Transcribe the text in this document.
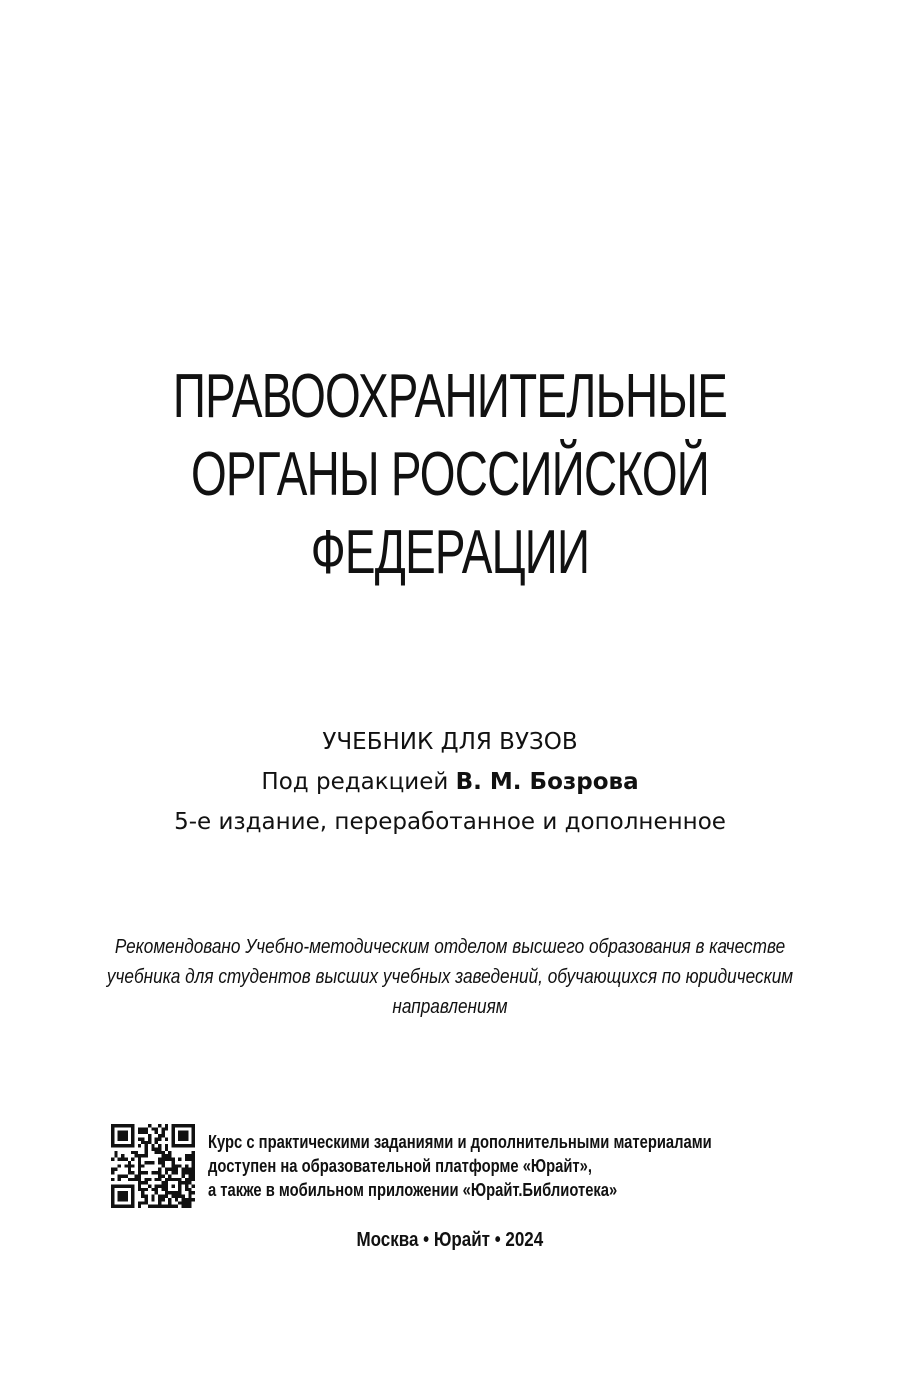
ПРАВООХРАНИТЕЛЬНЫЕ
ОРГАНЫ РОССИЙСКОЙ
ФЕДЕРАЦИИ
УЧЕБНИК ДЛЯ ВУЗОВ
Под редакцией В. М. Бозрова
5-е издание, переработанное и дополненное
Рекомендовано Учебно-методическим отделом высшего образования в качестве
учебника для студентов высших учебных заведений, обучающихся по юридическим
направлениям
Курс с практическими заданиями и дополнительными материалами
доступен на образовательной платформе «Юрайт»,
а также в мобильном приложении «Юрайт.Библиотека»
Москва • Юрайт • 2024
